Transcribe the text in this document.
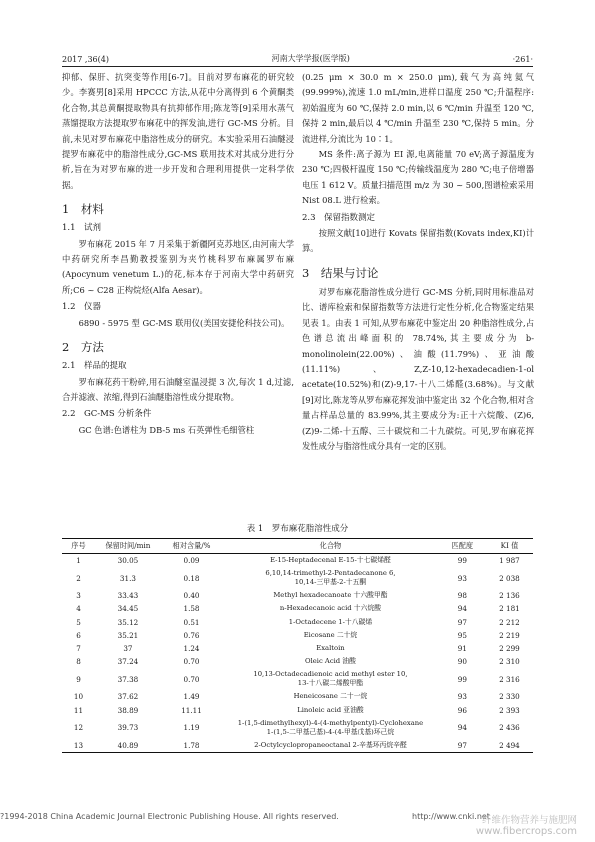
2017 ,36(4)	河南大学学报(医学版)	·261·

抑郁、保肝、抗突变等作用[6-7]。目前对罗布麻花的研究较少。李赛男[8]采用 HPCCC 方法,从花中分离得到 6 个黄酮类化合物,其总黄酮提取物具有抗抑郁作用;陈龙等[9]采用水蒸气蒸馏提取方法提取罗布麻花中的挥发油,进行 GC-MS 分析。目前,未见对罗布麻花中脂溶性成分的研究。本实验采用石油醚浸提罗布麻花中的脂溶性成分,GC-MS 联用技术对其成分进行分析,旨在为对罗布麻的进一步开发和合理利用提供一定科学依据。

1　材料
1.1　试剂

罗布麻花 2015 年 7 月采集于新疆阿克苏地区,由河南大学中药研究所李昌勤教授鉴别为夹竹桃科罗布麻属罗布麻(Apocynum venetum L.)的花,标本存于河南大学中药研究所;C6 ~ C28 正构烷烃(Alfa Aesar)。

1.2　仪器

6890 - 5975 型 GC-MS 联用仪(美国安捷伦科技公司)。

2　方法
2.1　样品的提取

罗布麻花药干粉碎,用石油醚室温浸提 3 次,每次 1 d,过滤,合并滤液、浓缩,得到石油醚脂溶性成分提取物。

2.2　GC-MS 分析条件

GC 色谱:色谱柱为 DB-5 ms 石英弹性毛细管柱

(0.25 μm × 30.0 m × 250.0 μm),载气为高纯氦气(99.999%),流速 1.0 mL/min,进样口温度 250 ℃;升温程序:初始温度为 60 ℃,保持 2.0 min,以 6 ℃/min 升温至 120 ℃,保持 2 min,最后以 4 ℃/min 升温至 230 ℃,保持 5 min。分流进样,分流比为 10∶1。

MS 条件:离子源为 EI 源,电离能量 70 eV;离子源温度为 230 ℃;四极杆温度 150 ℃;传输线温度为 280 ℃;电子倍增器电压 1 612 V。质量扫描范围 m/z 为 30 ~ 500,图谱检索采用 Nist 08.L 进行检索。

2.3　保留指数测定

按照文献[10]进行 Kovats 保留指数(Kovats index,KI)计算。

3　结果与讨论

对罗布麻花脂溶性成分进行 GC-MS 分析,同时用标准品对比、谱库检索和保留指数等方法进行定性分析,化合物鉴定结果见表 1。由表 1 可知,从罗布麻花中鉴定出 20 种脂溶性成分,占色谱总流出峰面积的 78.74%,其主要成分为 b-monolinolein(22.00%)、油酸(11.79%)、亚油酸(11.11%)、Z,Z-10,12-hexadecadien-1-ol acetate(10.52%)和(Z)-9,17-十八二烯醛(3.68%)。与文献[9]对比,陈龙等从罗布麻花挥发油中鉴定出 32 个化合物,相对含量占样品总量的 83.99%,其主要成分为:正十六烷酸、(Z)6,(Z)9-二烯-十五醇、三十碳烷和二十九碳烷。可见,罗布麻花挥发性成分与脂溶性成分具有一定的区别。

表 1　罗布麻花脂溶性成分
序号	保留时间/min	相对含量/%	化合物	匹配度	KI 值
1	30.05	0.09	E-15-Heptadecenal E-15-十七碳烯醛	99	1 987
2	31.3	0.18	6,10,14-trimethyl-2-Pentadecanone 6,
10,14-三甲基-2-十五酮	93	2 038
3	33.43	0.40	Methyl hexadecanoate 十六酸甲酯	98	2 136
4	34.45	1.58	n-Hexadecanoic acid 十六烷酸	94	2 181
5	35.12	0.51	1-Octadecene 1-十八碳烯	97	2 212
6	35.21	0.76	Eicosane 二十烷	95	2 219
7	37	1.24	Exaltoin	91	2 299
8	37.24	0.70	Oleic Acid 油酸	90	2 310
9	37.38	0.70	10,13-Octadecadienoic acid methyl ester 10,
13-十八碳二烯酸甲酯	99	2 316
10	37.62	1.49	Heneicosane 二十一烷	93	2 330
11	38.89	11.11	Linoleic acid 亚油酸	96	2 393
12	39.73	1.19	1-(1,5-dimethylhexyl)-4-(4-methylpentyl)-Cyclohexane
1-(1,5-二甲基己基)-4-(4-甲基戊基)环己烷	94	2 436
13	40.89	1.78	2-Octylcyclopropaneoctanal 2-辛基环丙烷辛醛	97	2 494
?1994-2018 China Academic Journal Electronic Publishing House. All rights reserved.	http://www.cnki.net
纤维作物营养与施肥网
www.fibercrops.com
